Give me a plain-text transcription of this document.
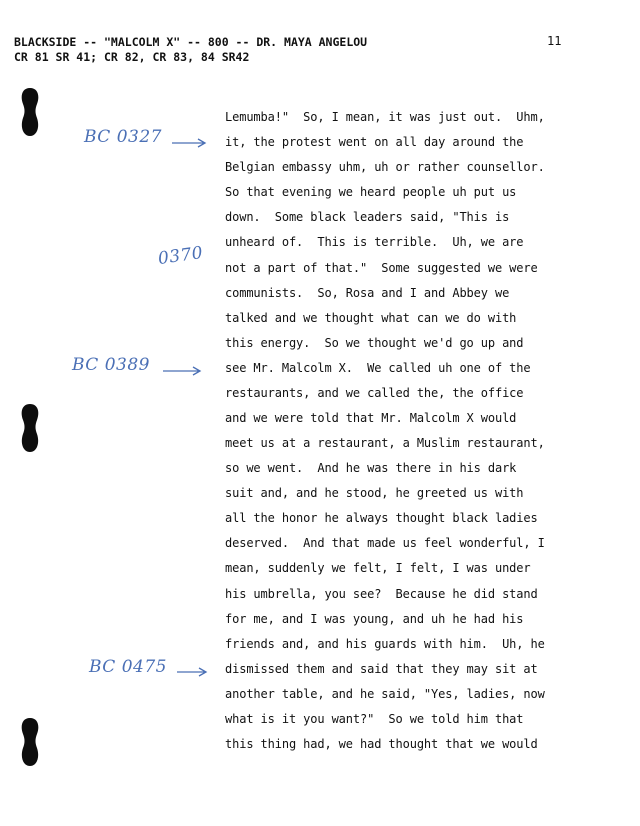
BLACKSIDE -- "MALCOLM X" -- 800 -- DR. MAYA ANGELOU
CR 81 SR 41; CR 82, CR 83, 84 SR42
11
BC 0327
0370
BC 0389
BC 0475
Lemumba!"  So, I mean, it was just out.  Uhm,
it, the protest went on all day around the
Belgian embassy uhm, uh or rather counsellor.
So that evening we heard people uh put us
down.  Some black leaders said, "This is
unheard of.  This is terrible.  Uh, we are
not a part of that."  Some suggested we were
communists.  So, Rosa and I and Abbey we
talked and we thought what can we do with
this energy.  So we thought we'd go up and
see Mr. Malcolm X.  We called uh one of the
restaurants, and we called the, the office
and we were told that Mr. Malcolm X would
meet us at a restaurant, a Muslim restaurant,
so we went.  And he was there in his dark
suit and, and he stood, he greeted us with
all the honor he always thought black ladies
deserved.  And that made us feel wonderful, I
mean, suddenly we felt, I felt, I was under
his umbrella, you see?  Because he did stand
for me, and I was young, and uh he had his
friends and, and his guards with him.  Uh, he
dismissed them and said that they may sit at
another table, and he said, "Yes, ladies, now
what is it you want?"  So we told him that
this thing had, we had thought that we would
